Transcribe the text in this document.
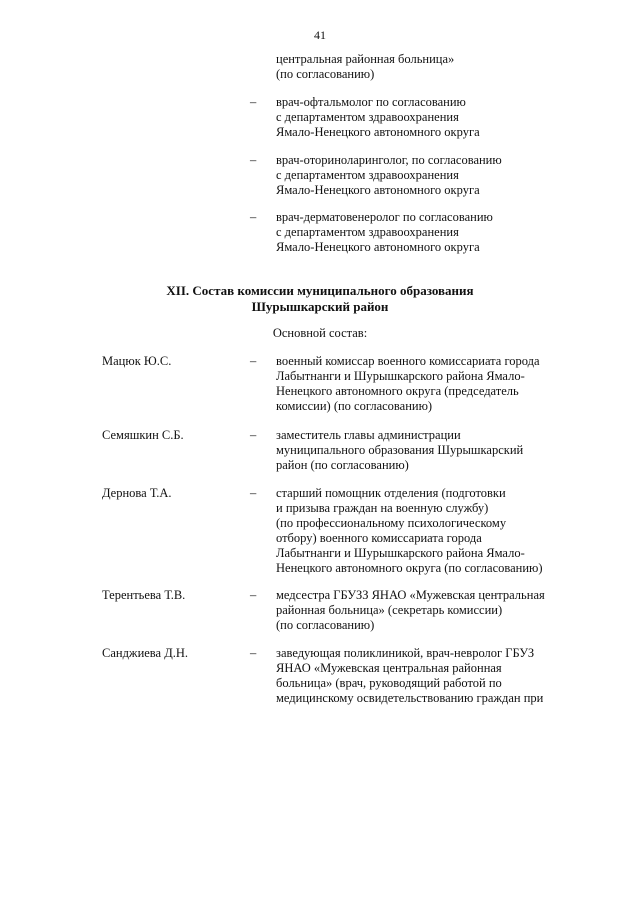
41
центральная районная больница»
(по согласованию)
– врач-офтальмолог по согласованию
с департаментом здравоохранения
Ямало-Ненецкого автономного округа
– врач-оториноларинголог, по согласованию
с департаментом здравоохранения
Ямало-Ненецкого автономного округа
– врач-дерматовенеролог по согласованию
с департаментом здравоохранения
Ямало-Ненецкого автономного округа
XII. Состав комиссии муниципального образования
Шурышкарский район
Основной состав:
Мацюк Ю.С.	– военный комиссар военного комиссариата города
Лабытнанги и Шурышкарского района Ямало-
Ненецкого автономного округа (председатель
комиссии) (по согласованию)
Семяшкин С.Б.	– заместитель главы администрации
муниципального образования Шурышкарский
район (по согласованию)
Дернова Т.А.	– старший помощник отделения (подготовки
и призыва граждан на военную службу)
(по профессиональному психологическому
отбору) военного комиссариата города
Лабытнанги и Шурышкарского района Ямало-
Ненецкого автономного округа (по согласованию)
Терентьева Т.В.	– медсестра ГБУЗЗ ЯНАО «Мужевская центральная
районная больница» (секретарь комиссии)
(по согласованию)
Санджиева Д.Н.	– заведующая поликлиникой, врач-невролог ГБУЗ
ЯНАО «Мужевская центральная районная
больница» (врач, руководящий работой по
медицинскому освидетельствованию граждан при
